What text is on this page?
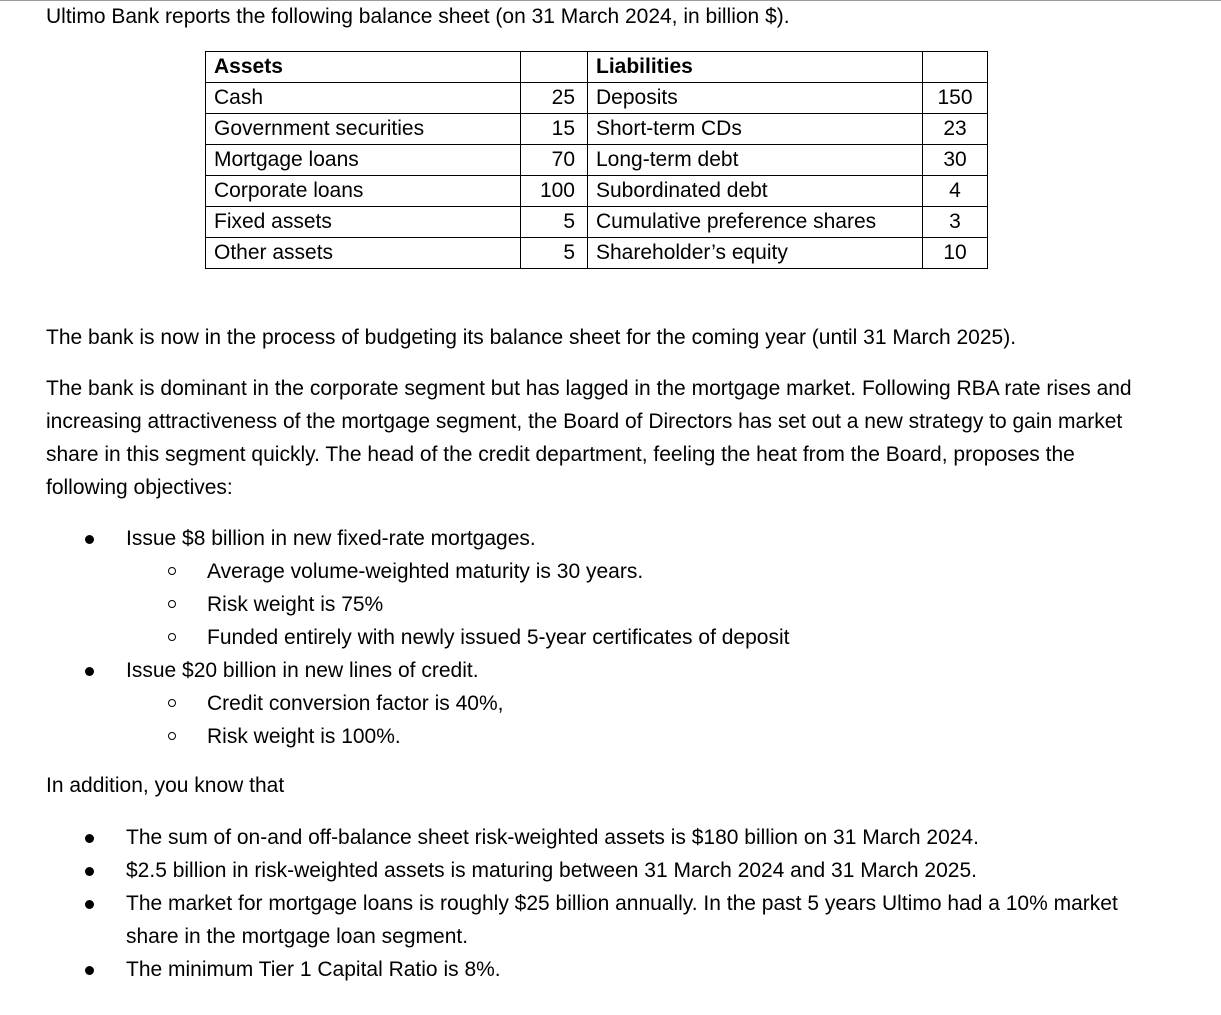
Ultimo Bank reports the following balance sheet (on 31 March 2024, in billion $).

Assets		Liabilities	
Cash	25	Deposits	150
Government securities	15	Short-term CDs	23
Mortgage loans	70	Long-term debt	30
Corporate loans	100	Subordinated debt	4
Fixed assets	5	Cumulative preference shares	3
Other assets	5	Shareholder’s equity	10

The bank is now in the process of budgeting its balance sheet for the coming year (until 31 March 2025).

The bank is dominant in the corporate segment but has lagged in the mortgage market. Following RBA rate rises and increasing attractiveness of the mortgage segment, the Board of Directors has set out a new strategy to gain market share in this segment quickly. The head of the credit department, feeling the heat from the Board, proposes the following objectives:

Issue $8 billion in new fixed-rate mortgages.
Average volume-weighted maturity is 30 years.
Risk weight is 75%
Funded entirely with newly issued 5-year certificates of deposit
Issue $20 billion in new lines of credit.
Credit conversion factor is 40%,
Risk weight is 100%.

In addition, you know that

The sum of on-and off-balance sheet risk-weighted assets is $180 billion on 31 March 2024.
$2.5 billion in risk-weighted assets is maturing between 31 March 2024 and 31 March 2025.
The market for mortgage loans is roughly $25 billion annually. In the past 5 years Ultimo had a 10% market share in the mortgage loan segment.
The minimum Tier 1 Capital Ratio is 8%.
